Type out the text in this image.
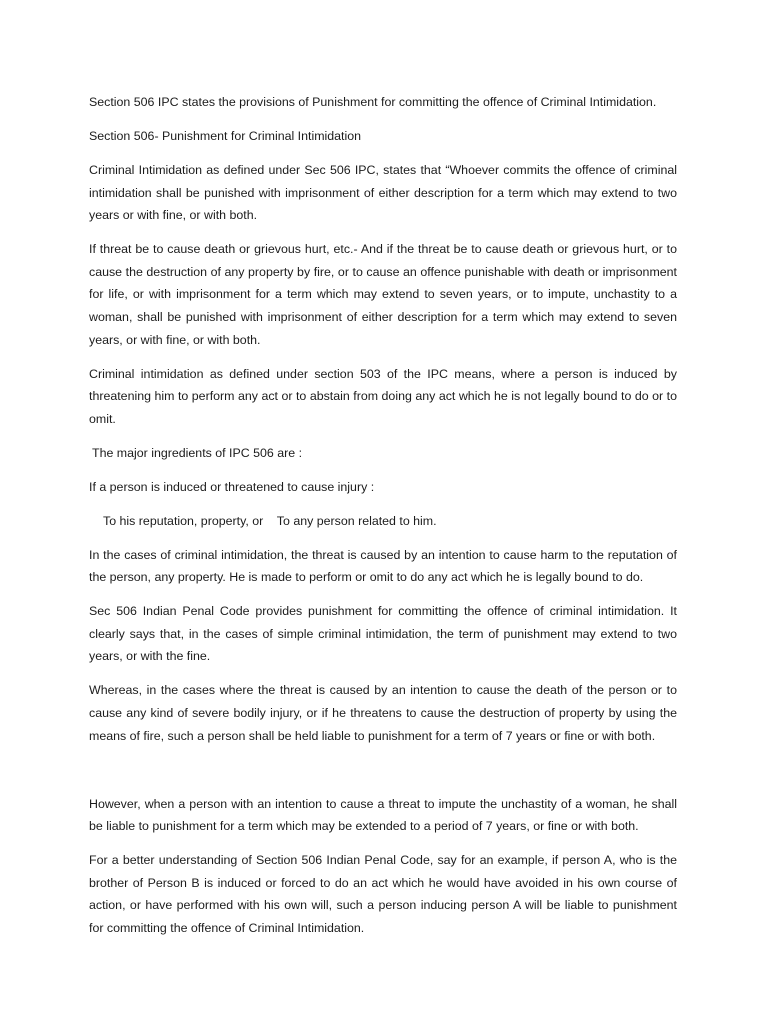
Section 506 IPC states the provisions of Punishment for committing the offence of Criminal Intimidation.

Section 506- Punishment for Criminal Intimidation

Criminal Intimidation as defined under Sec 506 IPC, states that “Whoever commits the offence of criminal intimidation shall be punished with imprisonment of either description for a term which may extend to two years or with fine, or with both.

If threat be to cause death or grievous hurt, etc.- And if the threat be to cause death or grievous hurt, or to cause the destruction of any property by fire, or to cause an offence punishable with death or imprisonment for life, or with imprisonment for a term which may extend to seven years, or to impute, unchastity to a woman, shall be punished with imprisonment of either description for a term which may extend to seven years, or with fine, or with both.

Criminal intimidation as defined under section 503 of the IPC means, where a person is induced by threatening him to perform any act or to abstain from doing any act which he is not legally bound to do or to omit.

The major ingredients of IPC 506 are :

If a person is induced or threatened to cause injury :

To his reputation, property, or    To any person related to him.

In the cases of criminal intimidation, the threat is caused by an intention to cause harm to the reputation of the person, any property. He is made to perform or omit to do any act which he is legally bound to do.

Sec 506 Indian Penal Code provides punishment for committing the offence of criminal intimidation. It clearly says that, in the cases of simple criminal intimidation, the term of punishment may extend to two years, or with the fine.

Whereas, in the cases where the threat is caused by an intention to cause the death of the person or to cause any kind of severe bodily injury, or if he threatens to cause the destruction of property by using the means of fire, such a person shall be held liable to punishment for a term of 7 years or fine or with both.

However, when a person with an intention to cause a threat to impute the unchastity of a woman, he shall be liable to punishment for a term which may be extended to a period of 7 years, or fine or with both.

For a better understanding of Section 506 Indian Penal Code, say for an example, if person A, who is the brother of Person B is induced or forced to do an act which he would have avoided in his own course of action, or have performed with his own will, such a person inducing person A will be liable to punishment for committing the offence of Criminal Intimidation.
